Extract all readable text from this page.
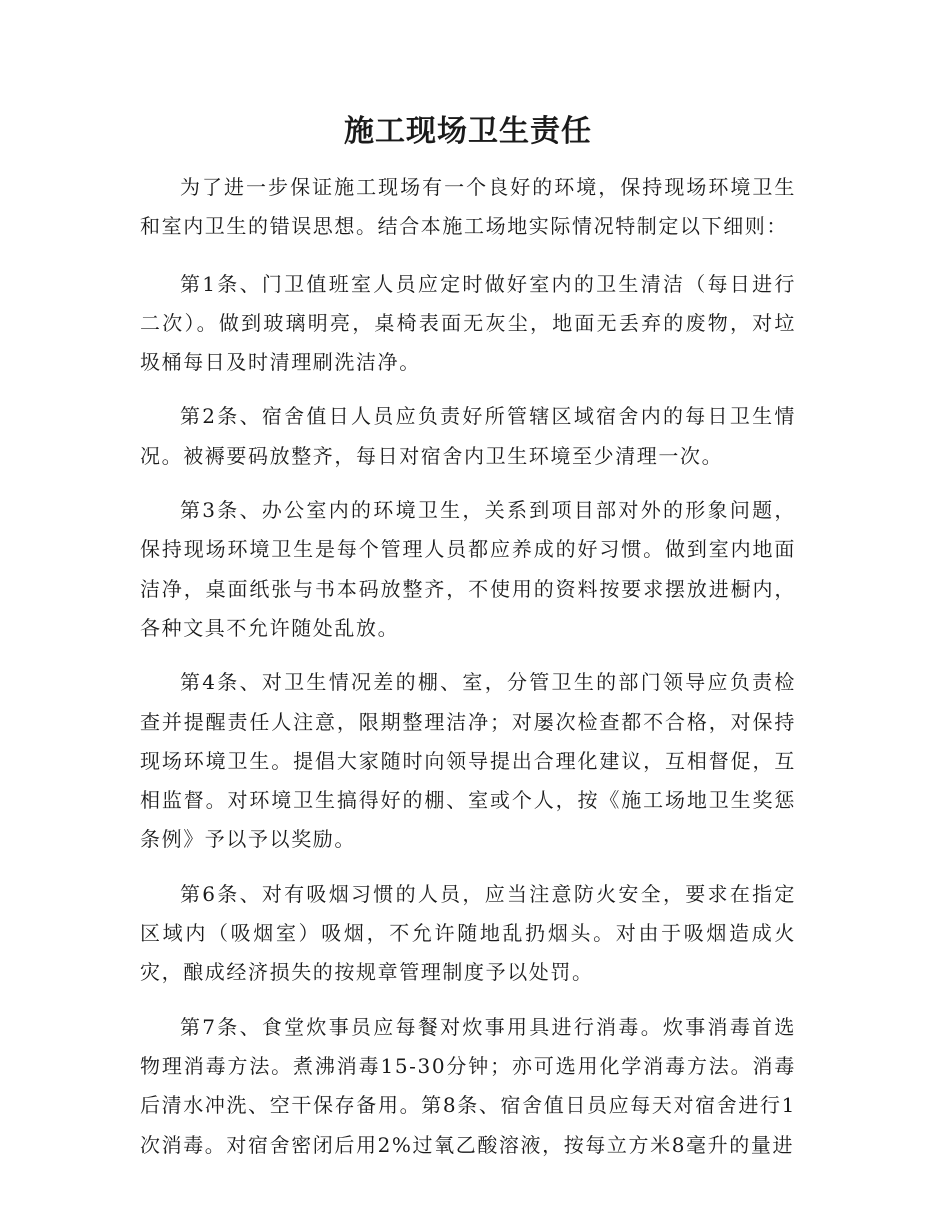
施工现场卫生责任

为了进一步保证施工现场有一个良好的环境，保持现场环境卫生和室内卫生的错误思想。结合本施工场地实际情况特制定以下细则：

第1条、门卫值班室人员应定时做好室内的卫生清洁（每日进行二次）。做到玻璃明亮，桌椅表面无灰尘，地面无丢弃的废物，对垃圾桶每日及时清理刷洗洁净。

第2条、宿舍值日人员应负责好所管辖区域宿舍内的每日卫生情况。被褥要码放整齐，每日对宿舍内卫生环境至少清理一次。

第3条、办公室内的环境卫生，关系到项目部对外的形象问题，保持现场环境卫生是每个管理人员都应养成的好习惯。做到室内地面洁净，桌面纸张与书本码放整齐，不使用的资料按要求摆放进橱内，各种文具不允许随处乱放。

第4条、对卫生情况差的棚、室，分管卫生的部门领导应负责检查并提醒责任人注意，限期整理洁净；对屡次检查都不合格，对保持现场环境卫生。提倡大家随时向领导提出合理化建议，互相督促，互相监督。对环境卫生搞得好的棚、室或个人，按《施工场地卫生奖惩条例》予以予以奖励。

第6条、对有吸烟习惯的人员，应当注意防火安全，要求在指定区域内（吸烟室）吸烟，不允许随地乱扔烟头。对由于吸烟造成火灾，酿成经济损失的按规章管理制度予以处罚。

第7条、食堂炊事员应每餐对炊事用具进行消毒。炊事消毒首选物理消毒方法。煮沸消毒15-30分钟；亦可选用化学消毒方法。消毒后清水冲洗、空干保存备用。第8条、宿舍值日员应每天对宿舍进行1次消毒。对宿舍密闭后用2%过氧乙酸溶液，按每立方米8毫升的量进
